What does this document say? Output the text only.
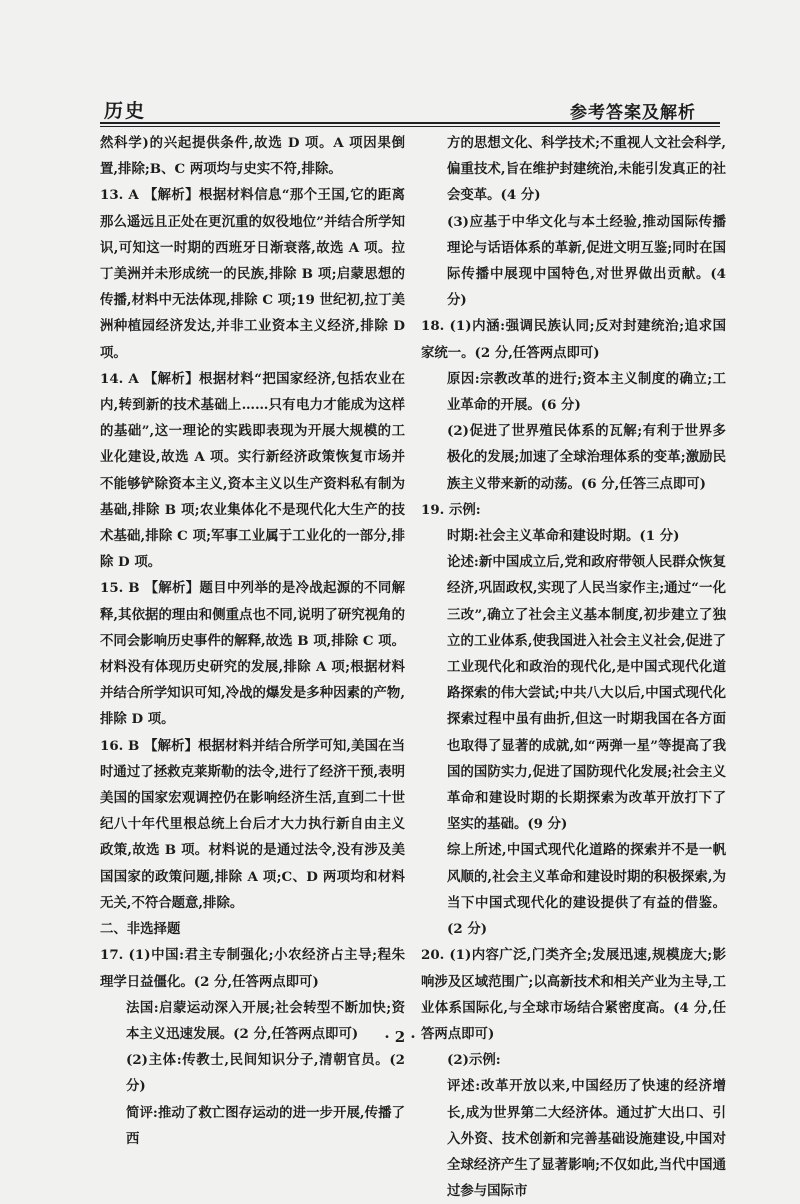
历史	参考答案及解析

然科学)的兴起提供条件,故选 D 项。A 项因果倒置,排除;B、C 两项均与史实不符,排除。

13. A 【解析】根据材料信息“那个王国,它的距离那么遥远且正处在更沉重的奴役地位”并结合所学知识,可知这一时期的西班牙日渐衰落,故选 A 项。拉丁美洲并未形成统一的民族,排除 B 项;启蒙思想的传播,材料中无法体现,排除 C 项;19 世纪初,拉丁美洲种植园经济发达,并非工业资本主义经济,排除 D 项。

14. A 【解析】根据材料“把国家经济,包括农业在内,转到新的技术基础上……只有电力才能成为这样的基础”,这一理论的实践即表现为开展大规模的工业化建设,故选 A 项。实行新经济政策恢复市场并不能够铲除资本主义,资本主义以生产资料私有制为基础,排除 B 项;农业集体化不是现代化大生产的技术基础,排除 C 项;军事工业属于工业化的一部分,排除 D 项。

15. B 【解析】题目中列举的是冷战起源的不同解释,其依据的理由和侧重点也不同,说明了研究视角的不同会影响历史事件的解释,故选 B 项,排除 C 项。材料没有体现历史研究的发展,排除 A 项;根据材料并结合所学知识可知,冷战的爆发是多种因素的产物,排除 D 项。

16. B 【解析】根据材料并结合所学可知,美国在当时通过了拯救克莱斯勒的法令,进行了经济干预,表明美国的国家宏观调控仍在影响经济生活,直到二十世纪八十年代里根总统上台后才大力执行新自由主义政策,故选 B 项。材料说的是通过法令,没有涉及美国国家的政策问题,排除 A 项;C、D 两项均和材料无关,不符合题意,排除。

二、非选择题

17. (1)中国:君主专制强化;小农经济占主导;程朱理学日益僵化。(2 分,任答两点即可)

法国:启蒙运动深入开展;社会转型不断加快;资本主义迅速发展。(2 分,任答两点即可)

(2)主体:传教士,民间知识分子,清朝官员。(2 分)

简评:推动了救亡图存运动的进一步开展,传播了西

方的思想文化、科学技术;不重视人文社会科学,偏重技术,旨在维护封建统治,未能引发真正的社会变革。(4 分)

(3)应基于中华文化与本土经验,推动国际传播理论与话语体系的革新,促进文明互鉴;同时在国际传播中展现中国特色,对世界做出贡献。(4 分)

18. (1)内涵:强调民族认同;反对封建统治;追求国家统一。(2 分,任答两点即可)

原因:宗教改革的进行;资本主义制度的确立;工业革命的开展。(6 分)

(2)促进了世界殖民体系的瓦解;有利于世界多极化的发展;加速了全球治理体系的变革;激励民族主义带来新的动荡。(6 分,任答三点即可)

19. 示例:

时期:社会主义革命和建设时期。(1 分)

论述:新中国成立后,党和政府带领人民群众恢复经济,巩固政权,实现了人民当家作主;通过“一化三改”,确立了社会主义基本制度,初步建立了独立的工业体系,使我国进入社会主义社会,促进了工业现代化和政治的现代化,是中国式现代化道路探索的伟大尝试;中共八大以后,中国式现代化探索过程中虽有曲折,但这一时期我国在各方面也取得了显著的成就,如“两弹一星”等提高了我国的国防实力,促进了国防现代化发展;社会主义革命和建设时期的长期探索为改革开放打下了坚实的基础。(9 分)

综上所述,中国式现代化道路的探索并不是一帆风顺的,社会主义革命和建设时期的积极探索,为当下中国式现代化的建设提供了有益的借鉴。(2 分)

20. (1)内容广泛,门类齐全;发展迅速,规模庞大;影响涉及区域范围广;以高新技术和相关产业为主导,工业体系国际化,与全球市场结合紧密度高。(4 分,任答两点即可)

(2)示例:

评述:改革开放以来,中国经历了快速的经济增长,成为世界第二大经济体。通过扩大出口、引入外资、技术创新和完善基础设施建设,中国对全球经济产生了显著影响;不仅如此,当代中国通过参与国际市

· 2 ·
